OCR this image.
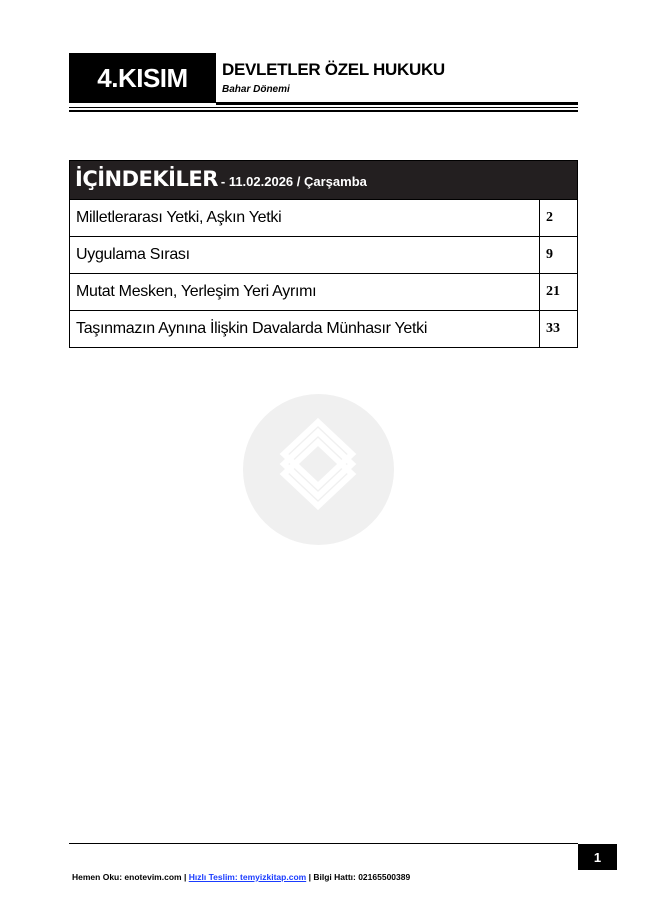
4.KISIM	DEVLETLER ÖZEL HUKUKU
Bahar Dönemi
İÇİNDEKİLER - 11.02.2026 / Çarşamba
Milletlerarası Yetki, Aşkın Yetki	2
Uygulama Sırası	9
Mutat Mesken, Yerleşim Yeri Ayrımı	21
Taşınmazın Aynına İlişkin Davalarda Münhasır Yetki	33
1
Hemen Oku: enotevim.com | Hızlı Teslim: temyizkitap.com | Bilgi Hattı: 02165500389
